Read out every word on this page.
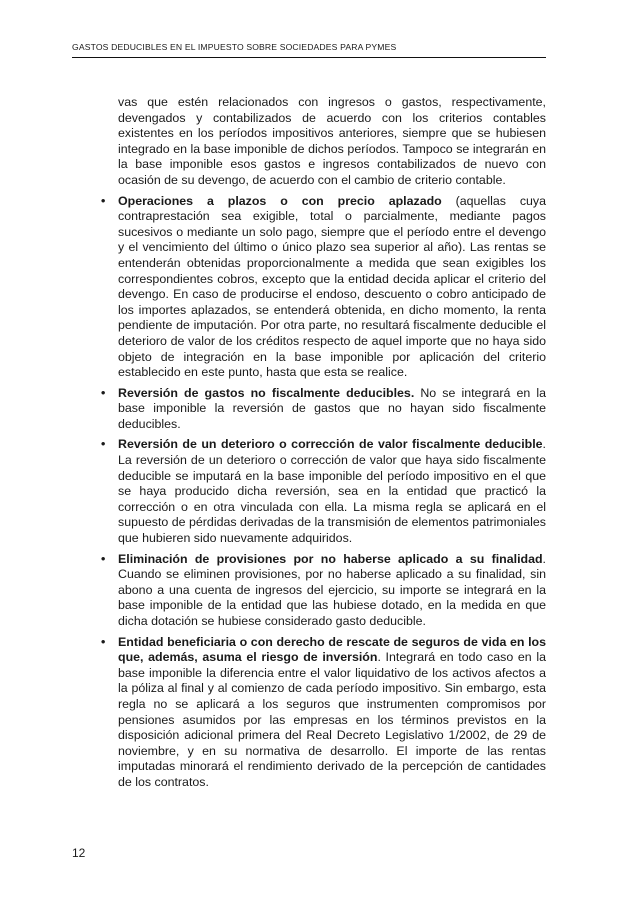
GASTOS DEDUCIBLES EN EL IMPUESTO SOBRE SOCIEDADES PARA PYMES

vas que estén relacionados con ingresos o gastos, respectivamente, devengados y contabilizados de acuerdo con los criterios contables existentes en los períodos impositivos anteriores, siempre que se hubiesen integrado en la base imponible de dichos períodos. Tampoco se integrarán en la base imponible esos gastos e ingresos contabilizados de nuevo con ocasión de su devengo, de acuerdo con el cambio de criterio contable.

• Operaciones a plazos o con precio aplazado (aquellas cuya contraprestación sea exigible, total o parcialmente, mediante pagos sucesivos o mediante un solo pago, siempre que el período entre el devengo y el vencimiento del último o único plazo sea superior al año). Las rentas se entenderán obtenidas proporcionalmente a medida que sean exigibles los correspondientes cobros, excepto que la entidad decida aplicar el criterio del devengo. En caso de producirse el endoso, descuento o cobro anticipado de los importes aplazados, se entenderá obtenida, en dicho momento, la renta pendiente de imputación. Por otra parte, no resultará fiscalmente deducible el deterioro de valor de los créditos respecto de aquel importe que no haya sido objeto de integración en la base imponible por aplicación del criterio establecido en este punto, hasta que esta se realice.
• Reversión de gastos no fiscalmente deducibles. No se integrará en la base imponible la reversión de gastos que no hayan sido fiscalmente deducibles.
• Reversión de un deterioro o corrección de valor fiscalmente deducible. La reversión de un deterioro o corrección de valor que haya sido fiscalmente deducible se imputará en la base imponible del período impositivo en el que se haya producido dicha reversión, sea en la entidad que practicó la corrección o en otra vinculada con ella. La misma regla se aplicará en el supuesto de pérdidas derivadas de la transmisión de elementos patrimoniales que hubieren sido nuevamente adquiridos.
• Eliminación de provisiones por no haberse aplicado a su finalidad. Cuando se eliminen provisiones, por no haberse aplicado a su finalidad, sin abono a una cuenta de ingresos del ejercicio, su importe se integrará en la base imponible de la entidad que las hubiese dotado, en la medida en que dicha dotación se hubiese considerado gasto deducible.
• Entidad beneficiaria o con derecho de rescate de seguros de vida en los que, además, asuma el riesgo de inversión. Integrará en todo caso en la base imponible la diferencia entre el valor liquidativo de los activos afectos a la póliza al final y al comienzo de cada período impositivo. Sin embargo, esta regla no se aplicará a los seguros que instrumenten compromisos por pensiones asumidos por las empresas en los términos previstos en la disposición adicional primera del Real Decreto Legislativo 1/2002, de 29 de noviembre, y en su normativa de desarrollo. El importe de las rentas imputadas minorará el rendimiento derivado de la percepción de cantidades de los contratos.
12
